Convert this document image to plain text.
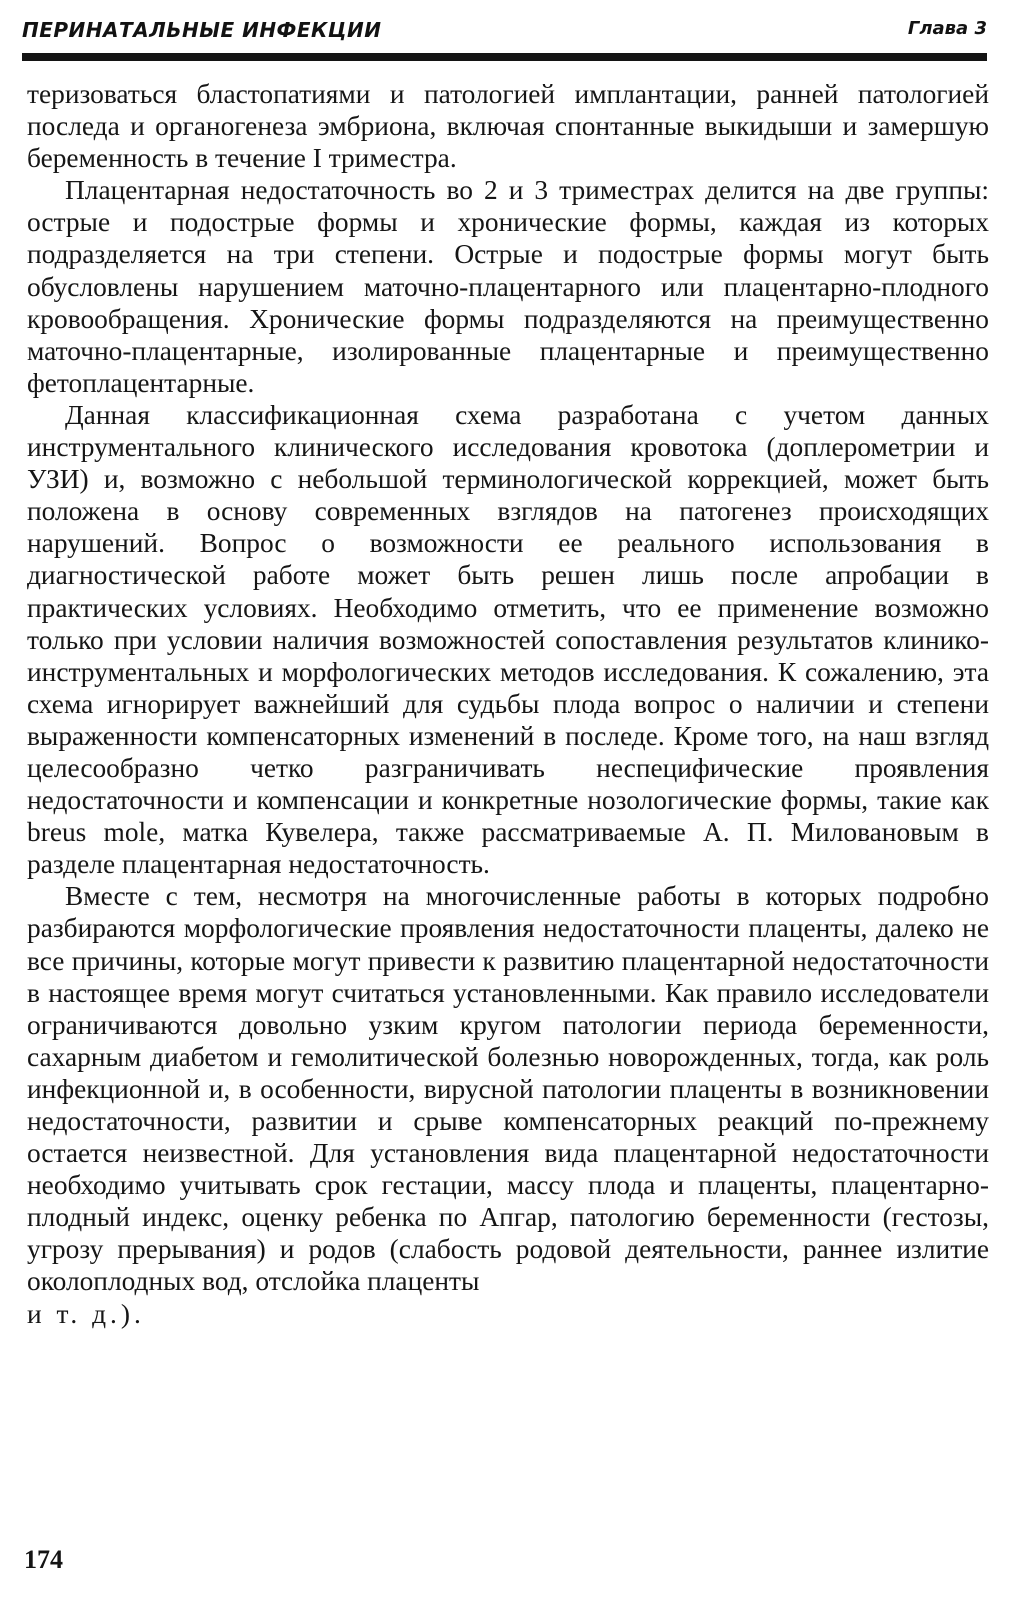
ПЕРИНАТАЛЬНЫЕ ИНФЕКЦИИ	Глава 3

теризоваться бластопатиями и патологией имплантации, ранней патологией последа и органогенеза эмбриона, включая спонтанные выкидыши и замершую беременность в течение I триместра.

Плацентарная недостаточность во 2 и 3 триместрах делится на две группы: острые и подострые формы и хронические формы, каждая из которых подразделяется на три степени. Острые и подострые формы могут быть обусловлены нарушением маточно-плацентарного или плацентарно-плодного кровообращения. Хронические формы подразделяются на преимущественно маточно-плацентарные, изолированные плацентарные и преимущественно фетоплацентарные.

Данная классификационная схема разработана с учетом данных инструментального клинического исследования кровотока (доплерометрии и УЗИ) и, возможно с небольшой терминологической коррекцией, может быть положена в основу современных взглядов на патогенез происходящих нарушений. Вопрос о возможности ее реального использования в диагностической работе может быть решен лишь после апробации в практических условиях. Необходимо отметить, что ее применение возможно только при условии наличия возможностей сопоставления результатов клинико-инструментальных и морфологических методов исследования. К сожалению, эта схема игнорирует важнейший для судьбы плода вопрос о наличии и степени выраженности компенсаторных изменений в последе. Кроме того, на наш взгляд целесообразно четко разграничивать неспецифические проявления недостаточности и компенсации и конкретные нозологические формы, такие как breus mole, матка Кувелера, также рассматриваемые А. П. Миловановым в разделе плацентарная недостаточность.

Вместе с тем, несмотря на многочисленные работы в которых подробно разбираются морфологические проявления недостаточности плаценты, далеко не все причины, которые могут привести к развитию плацентарной недостаточности в настоящее время могут считаться установленными. Как правило исследователи ограничиваются довольно узким кругом патологии периода беременности, сахарным диабетом и гемолитической болезнью новорожденных, тогда, как роль инфекционной и, в особенности, вирусной патологии плаценты в возникновении недостаточности, развитии и срыве компенсаторных реакций по-прежнему остается неизвестной. Для установления вида плацентарной недостаточности необходимо учитывать срок гестации, массу плода и плаценты, плацентарноплодный индекс, оценку ребенка по Апгар, патологию беременности (гестозы, угрозу прерывания) и родов (слабость родовой деятельности, раннее излитие околоплодных вод, отслойка плаценты

и т. д.).

174
